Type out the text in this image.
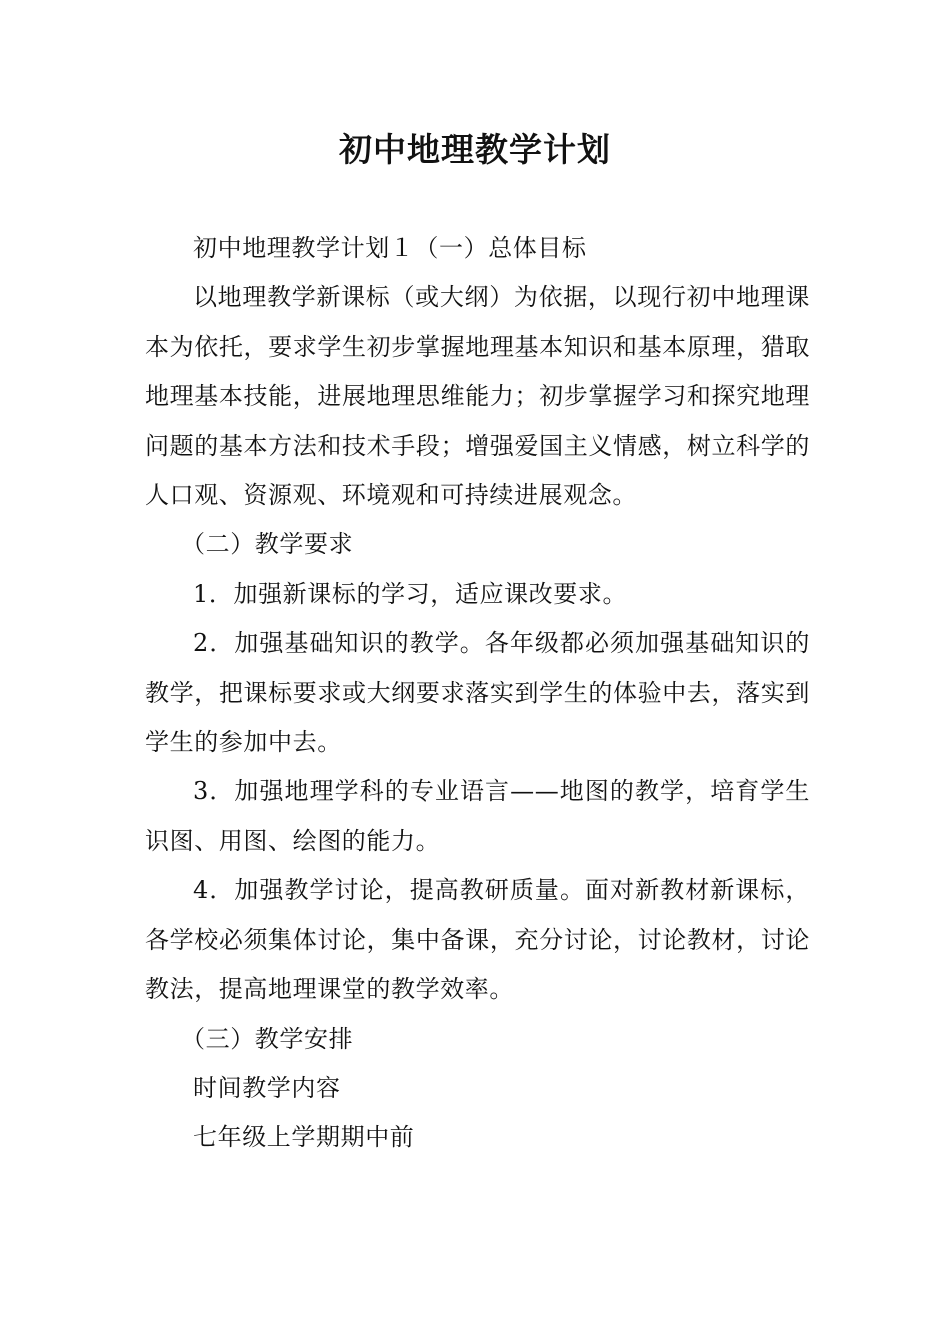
初中地理教学计划

初中地理教学计划１（一）总体目标

以地理教学新课标（或大纲）为依据，以现行初中地理课本为依托，要求学生初步掌握地理基本知识和基本原理，猎取地理基本技能，进展地理思维能力；初步掌握学习和探究地理问题的基本方法和技术手段；增强爱国主义情感，树立科学的人口观、资源观、环境观和可持续进展观念。

（二）教学要求

1．加强新课标的学习，适应课改要求。

2．加强基础知识的教学。各年级都必须加强基础知识的教学，把课标要求或大纲要求落实到学生的体验中去，落实到学生的参加中去。

3．加强地理学科的专业语言——地图的教学，培育学生识图、用图、绘图的能力。

4．加强教学讨论，提高教研质量。面对新教材新课标，各学校必须集体讨论，集中备课，充分讨论，讨论教材，讨论教法，提高地理课堂的教学效率。

（三）教学安排

时间教学内容

七年级上学期期中前
